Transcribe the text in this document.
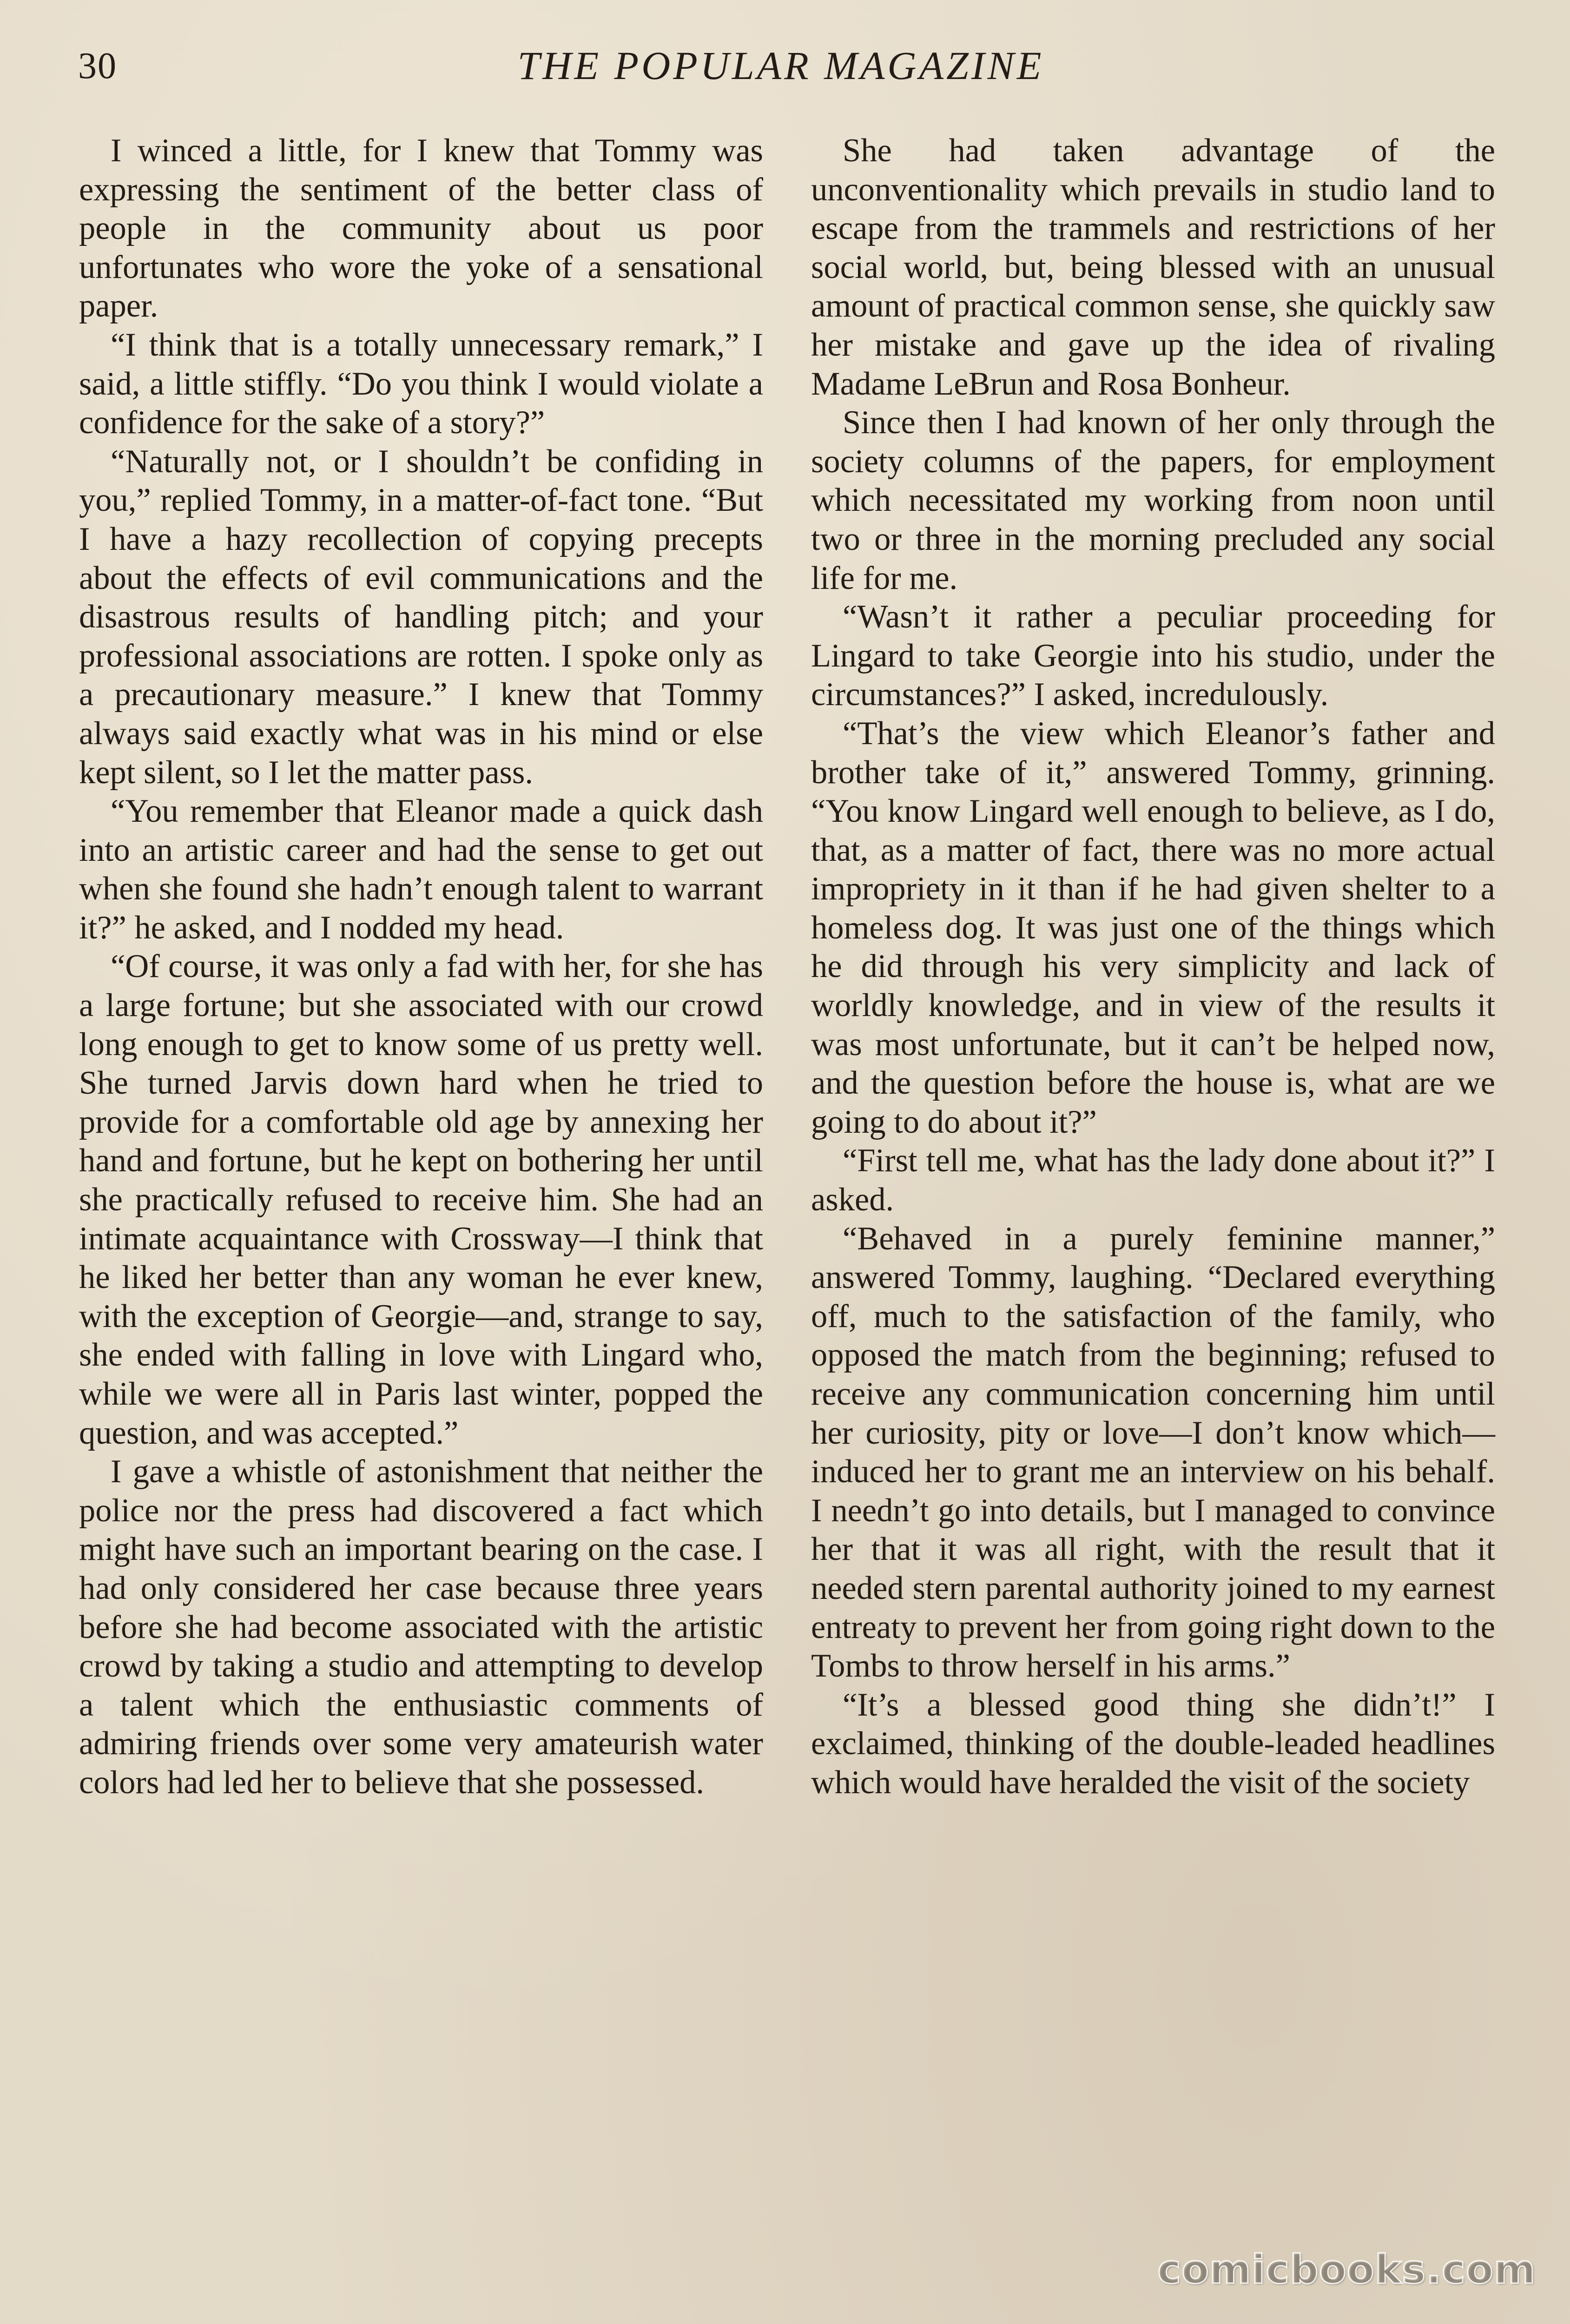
30	THE POPULAR MAGAZINE

I winced a little, for I knew that Tommy was expressing the sentiment of the better class of people in the community about us poor unfortunates who wore the yoke of a sensational paper.

“I think that is a totally unnecessary remark,” I said, a little stiffly. “Do you think I would violate a confidence for the sake of a story?”

“Naturally not, or I shouldn’t be confiding in you,” replied Tommy, in a matter-of-fact tone. “But I have a hazy recollection of copying precepts about the effects of evil communications and the disastrous results of handling pitch; and your professional associations are rotten. I spoke only as a precautionary measure.” I knew that Tommy always said exactly what was in his mind or else kept silent, so I let the matter pass.

“You remember that Eleanor made a quick dash into an artistic career and had the sense to get out when she found she hadn’t enough talent to warrant it?” he asked, and I nodded my head.

“Of course, it was only a fad with her, for she has a large fortune; but she associated with our crowd long enough to get to know some of us pretty well. She turned Jarvis down hard when he tried to provide for a comfortable old age by annexing her hand and fortune, but he kept on bothering her until she practically refused to receive him. She had an intimate acquaintance with Crossway—I think that he liked her better than any woman he ever knew, with the exception of Georgie—and, strange to say, she ended with falling in love with Lingard who, while we were all in Paris last winter, popped the question, and was accepted.”

I gave a whistle of astonishment that neither the police nor the press had discovered a fact which might have such an important bearing on the case. I had only considered her case because three years before she had become associated with the artistic crowd by taking a studio and attempting to develop a talent which the enthusiastic comments of admiring friends over some very amateurish water colors had led her to believe that she possessed.

She had taken advantage of the unconventionality which prevails in studio land to escape from the trammels and restrictions of her social world, but, being blessed with an unusual amount of practical common sense, she quickly saw her mistake and gave up the idea of rivaling Madame LeBrun and Rosa Bonheur.

Since then I had known of her only through the society columns of the papers, for employment which necessitated my working from noon until two or three in the morning precluded any social life for me.

“Wasn’t it rather a peculiar proceeding for Lingard to take Georgie into his studio, under the circumstances?” I asked, incredulously.

“That’s the view which Eleanor’s father and brother take of it,” answered Tommy, grinning. “You know Lingard well enough to believe, as I do, that, as a matter of fact, there was no more actual impropriety in it than if he had given shelter to a homeless dog. It was just one of the things which he did through his very simplicity and lack of worldly knowledge, and in view of the results it was most unfortunate, but it can’t be helped now, and the question before the house is, what are we going to do about it?”

“First tell me, what has the lady done about it?” I asked.

“Behaved in a purely feminine manner,” answered Tommy, laughing. “Declared everything off, much to the satisfaction of the family, who opposed the match from the beginning; refused to receive any communication concerning him until her curiosity, pity or love—I don’t know which—induced her to grant me an interview on his behalf. I needn’t go into details, but I managed to convince her that it was all right, with the result that it needed stern parental authority joined to my earnest entreaty to prevent her from going right down to the Tombs to throw herself in his arms.”

“It’s a blessed good thing she didn’t!” I exclaimed, thinking of the double-leaded headlines which would have heralded the visit of the society

comicbooks.com
